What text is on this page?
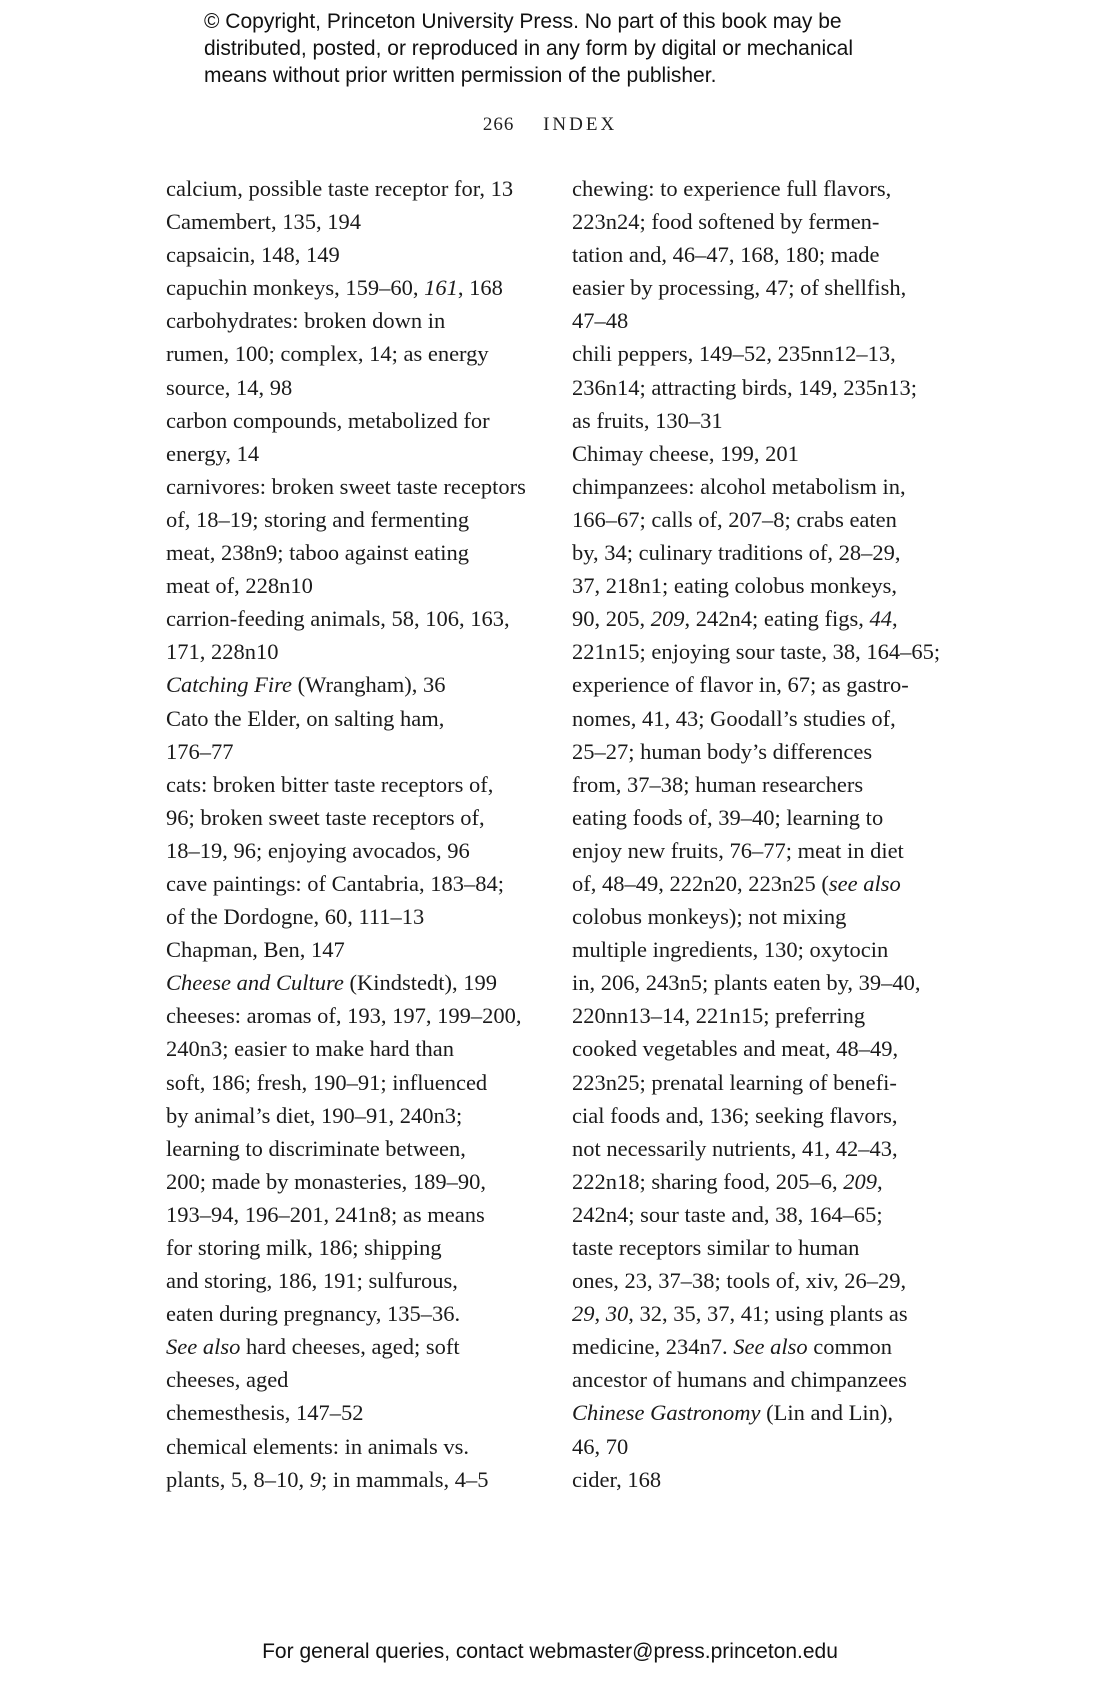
© Copyright, Princeton University Press. No part of this book may be
distributed, posted, or reproduced in any form by digital or mechanical
means without prior written permission of the publisher.
266 INDEX
calcium, possible taste receptor for, 13
Camembert, 135, 194
capsaicin, 148, 149
capuchin monkeys, 159–60, 161, 168
carbohydrates: broken down in
rumen, 100; complex, 14; as energy
source, 14, 98
carbon compounds, metabolized for
energy, 14
carnivores: broken sweet taste receptors
of, 18–19; storing and fermenting
meat, 238n9; taboo against eating
meat of, 228n10
carrion-feeding animals, 58, 106, 163,
171, 228n10
Catching Fire (Wrangham), 36
Cato the Elder, on salting ham,
176–77
cats: broken bitter taste receptors of,
96; broken sweet taste receptors of,
18–19, 96; enjoying avocados, 96
cave paintings: of Cantabria, 183–84;
of the Dordogne, 60, 111–13
Chapman, Ben, 147
Cheese and Culture (Kindstedt), 199
cheeses: aromas of, 193, 197, 199–200,
240n3; easier to make hard than
soft, 186; fresh, 190–91; influenced
by animal’s diet, 190–91, 240n3;
learning to discriminate between,
200; made by monasteries, 189–90,
193–94, 196–201, 241n8; as means
for storing milk, 186; shipping
and storing, 186, 191; sulfurous,
eaten during pregnancy, 135–36.
See also hard cheeses, aged; soft
cheeses, aged
chemesthesis, 147–52
chemical elements: in animals vs.
plants, 5, 8–10, 9; in mammals, 4–5
chewing: to experience full flavors,
223n24; food softened by fermen-
tation and, 46–47, 168, 180; made
easier by processing, 47; of shellfish,
47–48
chili peppers, 149–52, 235nn12–13,
236n14; attracting birds, 149, 235n13;
as fruits, 130–31
Chimay cheese, 199, 201
chimpanzees: alcohol metabolism in,
166–67; calls of, 207–8; crabs eaten
by, 34; culinary traditions of, 28–29,
37, 218n1; eating colobus monkeys,
90, 205, 209, 242n4; eating figs, 44,
221n15; enjoying sour taste, 38, 164–65;
experience of flavor in, 67; as gastro-
nomes, 41, 43; Goodall’s studies of,
25–27; human body’s differences
from, 37–38; human researchers
eating foods of, 39–40; learning to
enjoy new fruits, 76–77; meat in diet
of, 48–49, 222n20, 223n25 (see also
colobus monkeys); not mixing
multiple ingredients, 130; oxytocin
in, 206, 243n5; plants eaten by, 39–40,
220nn13–14, 221n15; preferring
cooked vegetables and meat, 48–49,
223n25; prenatal learning of benefi-
cial foods and, 136; seeking flavors,
not necessarily nutrients, 41, 42–43,
222n18; sharing food, 205–6, 209,
242n4; sour taste and, 38, 164–65;
taste receptors similar to human
ones, 23, 37–38; tools of, xiv, 26–29,
29, 30, 32, 35, 37, 41; using plants as
medicine, 234n7. See also common
ancestor of humans and chimpanzees
Chinese Gastronomy (Lin and Lin),
46, 70
cider, 168
For general queries, contact webmaster@press.princeton.edu
